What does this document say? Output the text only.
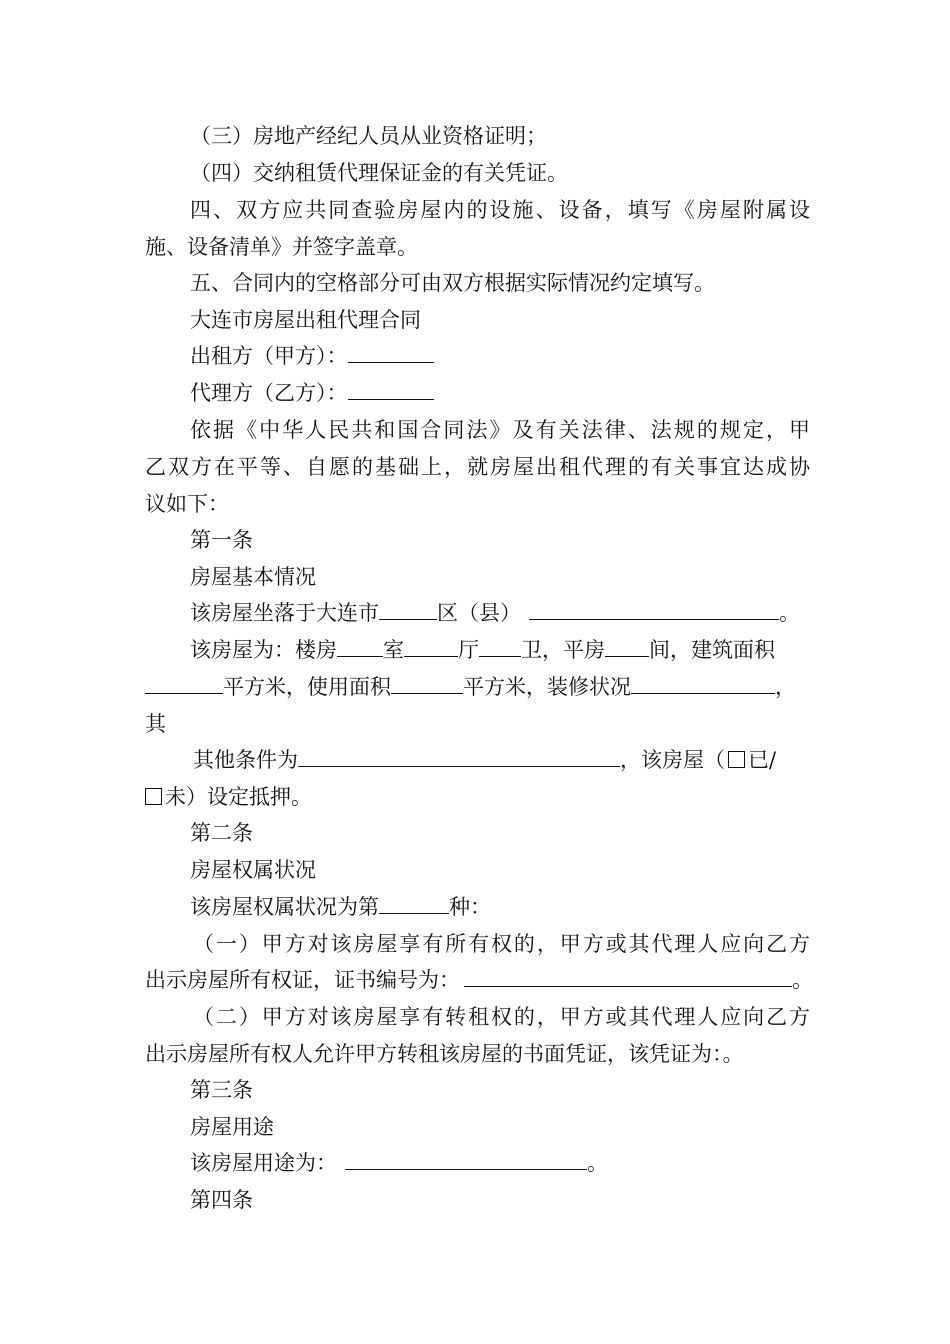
（三）房地产经纪人员从业资格证明；
（四）交纳租赁代理保证金的有关凭证。
四、双方应共同查验房屋内的设施、设备，填写《房屋附属设
施、设备清单》并签字盖章。
五、合同内的空格部分可由双方根据实际情况约定填写。
大连市房屋出租代理合同
出租方（甲方）：
代理方（乙方）：
依据《中华人民共和国合同法》及有关法律、法规的规定，甲
乙双方在平等、自愿的基础上，就房屋出租代理的有关事宜达成协
议如下：
第一条
房屋基本情况
该房屋坐落于大连市	区（县）	。
该房屋为：楼房 室	厅 卫，平房 间，建筑面积
平方米，使用面积	平方米，装修状况	，
其
其他条件为	，该房屋（ 已/
未）设定抵押。
第二条
房屋权属状况
该房屋权属状况为第	种：
（一）甲方对该房屋享有所有权的，甲方或其代理人应向乙方
出示房屋所有权证，证书编号为：	。
（二）甲方对该房屋享有转租权的，甲方或其代理人应向乙方
出示房屋所有权人允许甲方转租该房屋的书面凭证，该凭证为：。
第三条
房屋用途
该房屋用途为：	。
第四条
